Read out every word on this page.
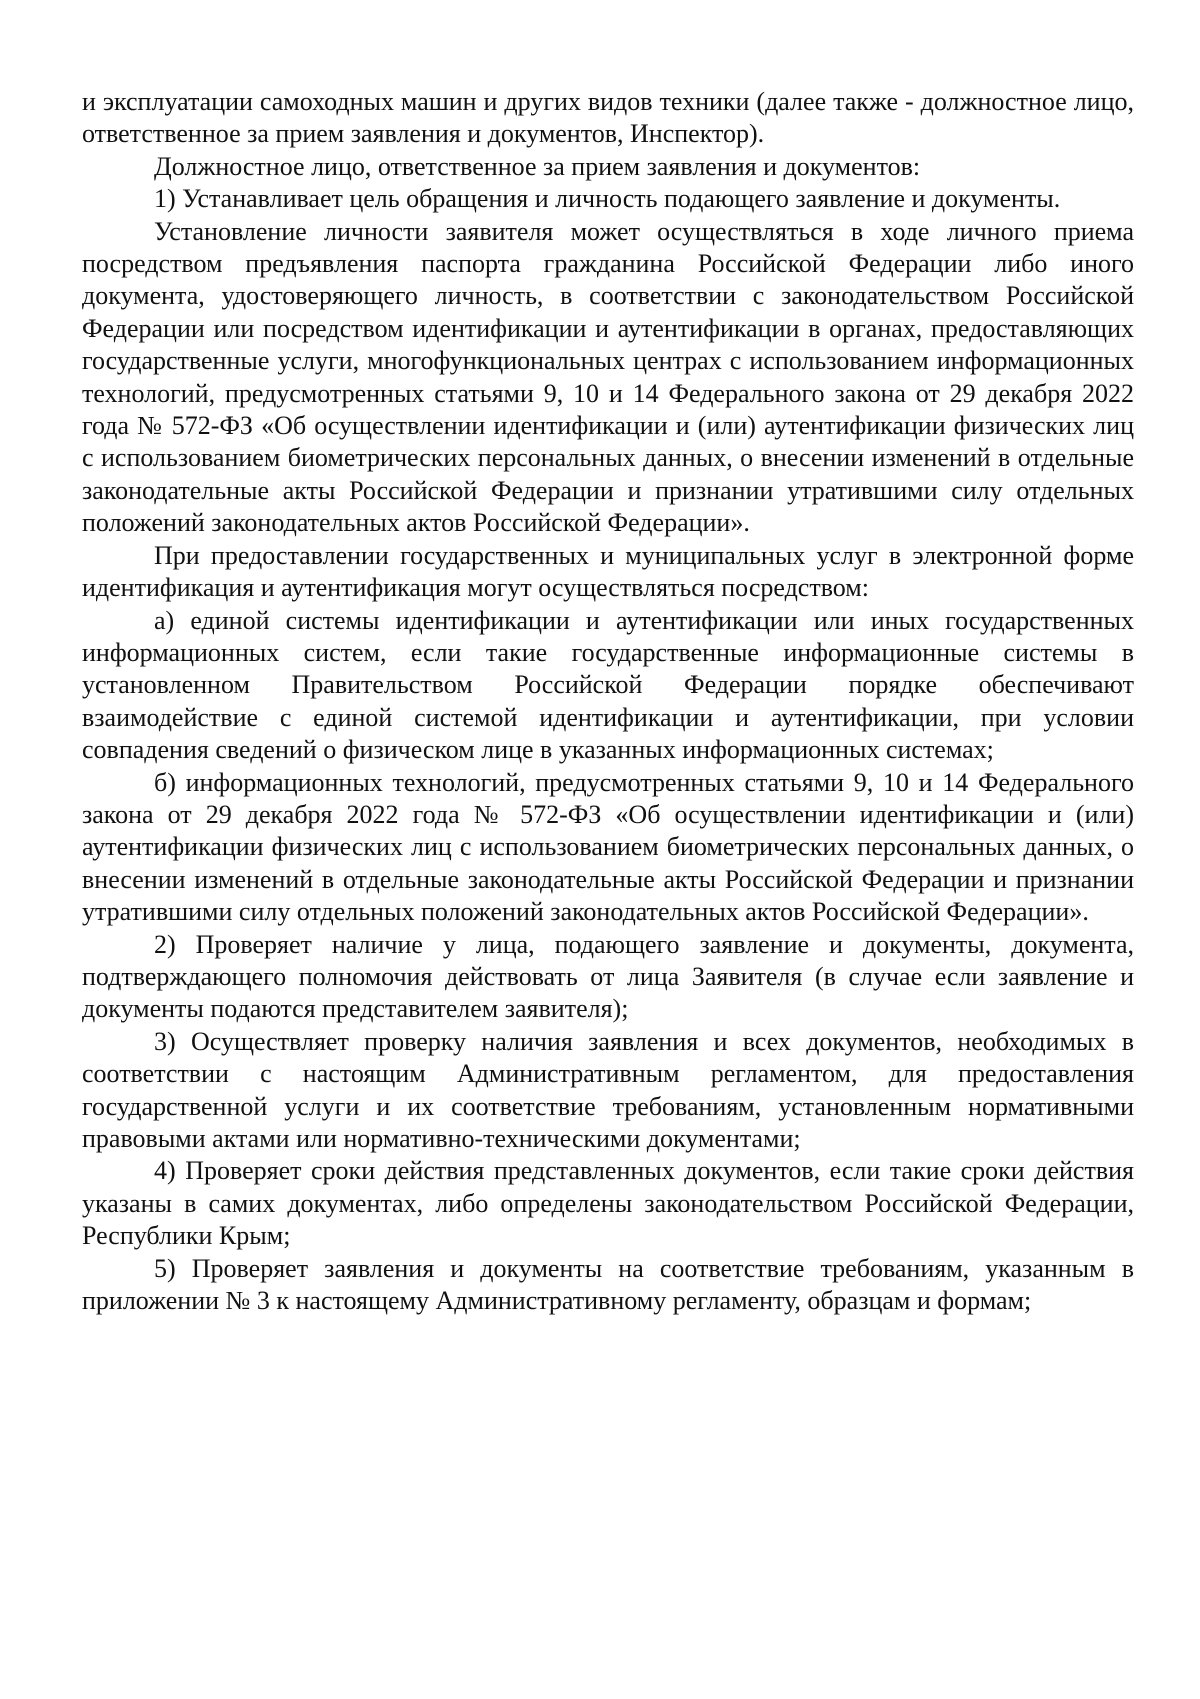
и эксплуатации самоходных машин и других видов техники (далее также - должностное лицо, ответственное за прием заявления и документов, Инспектор).

Должностное лицо, ответственное за прием заявления и документов:

1) Устанавливает цель обращения и личность подающего заявление и документы.

Установление личности заявителя может осуществляться в ходе личного приема посредством предъявления паспорта гражданина Российской Федерации либо иного документа, удостоверяющего личность, в соответствии с законодательством Российской Федерации или посредством идентификации и аутентификации в органах, предоставляющих государственные услуги, многофункциональных центрах с использованием информационных технологий, предусмотренных статьями 9, 10 и 14 Федерального закона от 29 декабря 2022 года № 572-ФЗ «Об осуществлении идентификации и (или) аутентификации физических лиц с использованием биометрических персональных данных, о внесении изменений в отдельные законодательные акты Российской Федерации и признании утратившими силу отдельных положений законодательных актов Российской Федерации».

При предоставлении государственных и муниципальных услуг в электронной форме идентификация и аутентификация могут осуществляться посредством:

а) единой системы идентификации и аутентификации или иных государственных информационных систем, если такие государственные информационные системы в установленном Правительством Российской Федерации порядке обеспечивают взаимодействие с единой системой идентификации и аутентификации, при условии совпадения сведений о физическом лице в указанных информационных системах;

б) информационных технологий, предусмотренных статьями 9, 10 и 14 Федерального закона от 29 декабря 2022 года № 572-ФЗ «Об осуществлении идентификации и (или) аутентификации физических лиц с использованием биометрических персональных данных, о внесении изменений в отдельные законодательные акты Российской Федерации и признании утратившими силу отдельных положений законодательных актов Российской Федерации».

2) Проверяет наличие у лица, подающего заявление и документы, документа, подтверждающего полномочия действовать от лица Заявителя (в случае если заявление и документы подаются представителем заявителя);

3) Осуществляет проверку наличия заявления и всех документов, необходимых в соответствии с настоящим Административным регламентом, для предоставления государственной услуги и их соответствие требованиям, установленным нормативными правовыми актами или нормативно-техническими документами;

4) Проверяет сроки действия представленных документов, если такие сроки действия указаны в самих документах, либо определены законодательством Российской Федерации, Республики Крым;

5) Проверяет заявления и документы на соответствие требованиям, указанным в приложении № 3 к настоящему Административному регламенту, образцам и формам;
